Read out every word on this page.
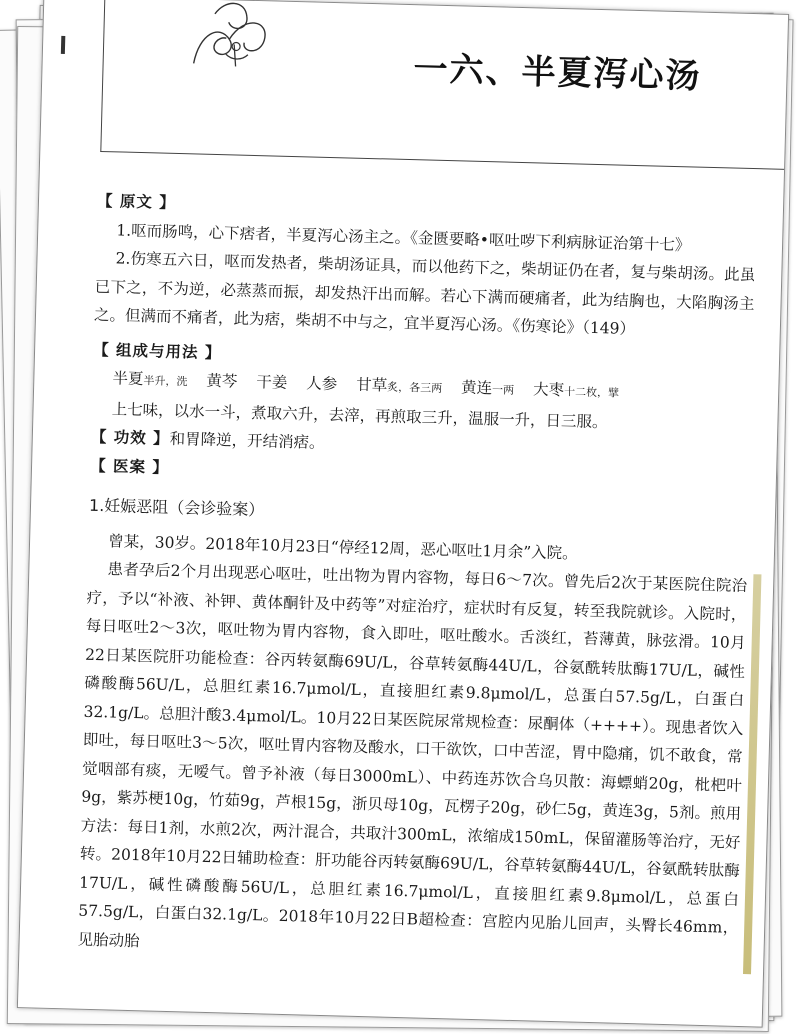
一六、半夏泻心汤
【 原文 】

1.呕而肠鸣，心下痞者，半夏泻心汤主之。《金匮要略•呕吐哕下利病脉证治第十七》

2.伤寒五六日，呕而发热者，柴胡汤证具，而以他药下之，柴胡证仍在者，复与柴胡汤。此虽已下之，不为逆，必蒸蒸而振，却发热汗出而解。若心下满而硬痛者，此为结胸也，大陷胸汤主之。但满而不痛者，此为痞，柴胡不中与之，宜半夏泻心汤。《伤寒论》（149）

【 组成与用法 】

半夏半升，洗 黄芩 干姜 人参 甘草炙，各三两 黄连一两 大枣十二枚，擘

上七味，以水一斗，煮取六升，去滓，再煎取三升，温服一升，日三服。

【 功效 】和胃降逆，开结消痞。

【 医案 】
1.妊娠恶阻（会诊验案）

曾某，30岁。2018年10月23日“停经12周，恶心呕吐1月余”入院。

患者孕后2个月出现恶心呕吐，吐出物为胃内容物，每日6～7次。曾先后2次于某医院住院治疗，予以“补液、补钾、黄体酮针及中药等”对症治疗，症状时有反复，转至我院就诊。入院时，每日呕吐2～3次，呕吐物为胃内容物，食入即吐，呕吐酸水。舌淡红，苔薄黄，脉弦滑。10月22日某医院肝功能检查：谷丙转氨酶69U/L，谷草转氨酶44U/L，谷氨酰转肽酶17U/L，碱性磷酸酶56U/L，总胆红素16.7μmol/L，直接胆红素9.8μmol/L，总蛋白57.5g/L，白蛋白32.1g/L。总胆汁酸3.4μmol/L。10月22日某医院尿常规检查：尿酮体（++++）。现患者饮入即吐，每日呕吐3～5次，呕吐胃内容物及酸水，口干欲饮，口中苦涩，胃中隐痛，饥不敢食，常觉咽部有痰，无嗳气。曾予补液（每日3000mL）、中药连苏饮合乌贝散：海螵蛸20g，枇杷叶9g，紫苏梗10g，竹茹9g，芦根15g，浙贝母10g，瓦楞子20g，砂仁5g，黄连3g，5剂。煎用方法：每日1剂，水煎2次，两汁混合，共取汁300mL，浓缩成150mL，保留灌肠等治疗，无好转。2018年10月22日辅助检查：肝功能谷丙转氨酶69U/L，谷草转氨酶44U/L，谷氨酰转肽酶17U/L，碱性磷酸酶56U/L，总胆红素16.7μmol/L，直接胆红素9.8μmol/L，总蛋白57.5g/L，白蛋白32.1g/L。2018年10月22日B超检查：宫腔内见胎儿回声，头臀长46mm，见胎动胎
